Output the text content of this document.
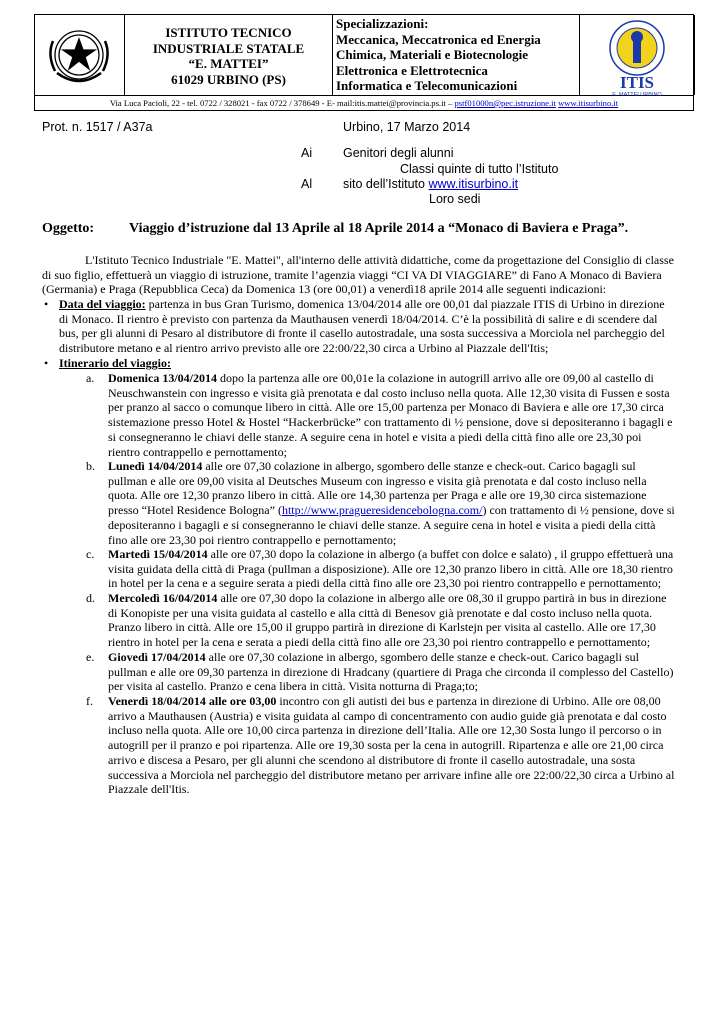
ISTITUTO TECNICO
INDUSTRIALE STATALE
“E. MATTEI”
61029 URBINO (PS)
Specializzazioni:
Meccanica, Meccatronica ed Energia
Chimica, Materiali e Biotecnologie
Elettronica e Elettrotecnica
Informatica e Telecomunicazioni	ITIS
E. MATTEI URBINO
Via Luca Pacioli, 22 - tel. 0722 / 328021 - fax 0722 / 378649 - E- mail:itis.mattei@provincia.ps.it – pstf01000n@pec.istruzione.it www.itisurbino.it
Prot. n. 1517 / A37a	Urbino, 17 Marzo 2014
Ai Genitori degli alunni
Classi quinte di tutto l’Istituto
Al sito dell’Istituto www.itisurbino.it
Loro sedi
Oggetto: Viaggio d’istruzione dal 13 Aprile al 18 Aprile 2014 a “Monaco di Baviera e Praga”.
L'Istituto Tecnico Industriale "E. Mattei", all'interno delle attività didattiche, come da progettazione del Consiglio di classe
di suo figlio, effettuerà un viaggio di istruzione, tramite l’agenzia viaggi “CI VA DI VIAGGIARE” di Fano A Monaco di Baviera
(Germania) e Praga (Repubblica Ceca) da Domenica 13 (ore 00,01) a venerdì18 aprile 2014 alle seguenti indicazioni:
• Data del viaggio: partenza in bus Gran Turismo, domenica 13/04/2014 alle ore 00,01 dal piazzale ITIS di Urbino in direzione
di Monaco. Il rientro è previsto con partenza da Mauthausen venerdì 18/04/2014. C’è la possibilità di salire e di scendere dal
bus, per gli alunni di Pesaro al distributore di fronte il casello autostradale, una sosta successiva a Morciola nel parcheggio del
distributore metano e al rientro arrivo previsto alle ore 22:00/22,30 circa a Urbino al Piazzale dell'Itis;
• Itinerario del viaggio:
a. Domenica 13/04/2014 dopo la partenza alle ore 00,01e la colazione in autogrill arrivo alle ore 09,00 al castello di
Neuschwanstein con ingresso e visita già prenotata e dal costo incluso nella quota. Alle 12,30 visita di Fussen e sosta
per pranzo al sacco o comunque libero in città. Alle ore 15,00 partenza per Monaco di Baviera e alle ore 17,30 circa
sistemazione presso Hotel & Hostel “Hackerbrücke” con trattamento di ½ pensione, dove si depositeranno i bagagli e
si consegneranno le chiavi delle stanze. A seguire cena in hotel e visita a piedi della città fino alle ore 23,30 poi
rientro contrappello e pernottamento;
b. Lunedì 14/04/2014 alle ore 07,30 colazione in albergo, sgombero delle stanze e check-out. Carico bagagli sul
pullman e alle ore 09,00 visita al Deutsches Museum con ingresso e visita già prenotata e dal costo incluso nella
quota. Alle ore 12,30 pranzo libero in città. Alle ore 14,30 partenza per Praga e alle ore 19,30 circa sistemazione
presso “Hotel Residence Bologna” (http://www.pragueresidencebologna.com/) con trattamento di ½ pensione, dove si
depositeranno i bagagli e si consegneranno le chiavi delle stanze. A seguire cena in hotel e visita a piedi della città
fino alle ore 23,30 poi rientro contrappello e pernottamento;
c. Martedì 15/04/2014 alle ore 07,30 dopo la colazione in albergo (a buffet con dolce e salato) , il gruppo effettuerà una
visita guidata della città di Praga (pullman a disposizione). Alle ore 12,30 pranzo libero in città. Alle ore 18,30 rientro
in hotel per la cena e a seguire serata a piedi della città fino alle ore 23,30 poi rientro contrappello e pernottamento;
d. Mercoledì 16/04/2014 alle ore 07,30 dopo la colazione in albergo alle ore 08,30 il gruppo partirà in bus in direzione
di Konopiste per una visita guidata al castello e alla città di Benesov già prenotate e dal costo incluso nella quota.
Pranzo libero in città. Alle ore 15,00 il gruppo partirà in direzione di Karlstejn per visita al castello. Alle ore 17,30
rientro in hotel per la cena e serata a piedi della città fino alle ore 23,30 poi rientro contrappello e pernottamento;
e. Giovedì 17/04/2014 alle ore 07,30 colazione in albergo, sgombero delle stanze e check-out. Carico bagagli sul
pullman e alle ore 09,30 partenza in direzione di Hradcany (quartiere di Praga che circonda il complesso del Castello)
per visita al castello. Pranzo e cena libera in città. Visita notturna di Praga;to;
f. Venerdì 18/04/2014 alle ore 03,00 incontro con gli autisti dei bus e partenza in direzione di Urbino. Alle ore 08,00
arrivo a Mauthausen (Austria) e visita guidata al campo di concentramento con audio guide già prenotata e dal costo
incluso nella quota. Alle ore 10,00 circa partenza in direzione dell’Italia. Alle ore 12,30 Sosta lungo il percorso o in
autogrill per il pranzo e poi ripartenza. Alle ore 19,30 sosta per la cena in autogrill. Ripartenza e alle ore 21,00 circa
arrivo e discesa a Pesaro, per gli alunni che scendono al distributore di fronte il casello autostradale, una sosta
successiva a Morciola nel parcheggio del distributore metano per arrivare infine alle ore 22:00/22,30 circa a Urbino al
Piazzale dell'Itis.
